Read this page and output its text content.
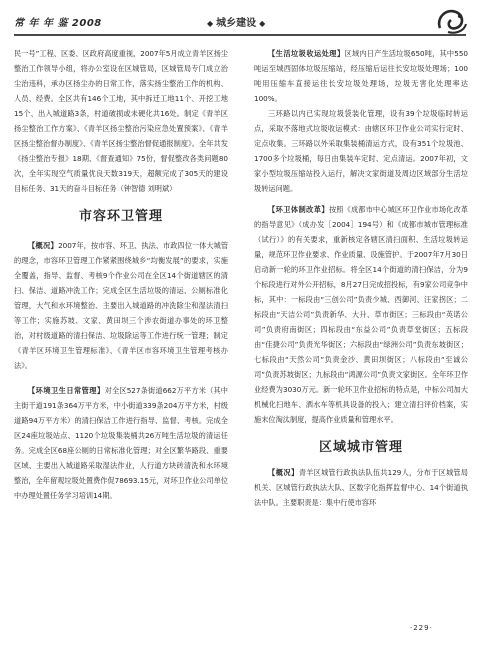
常 年 年 鉴 2008	◆ 城乡建设 ◆

民一号”工程、区委、区政府高度重视，2007年5月成立青羊区扬尘整治工作领导小组，将办公室设在区城管局，区城管局专门成立治尘治违科，承办区扬尘办的日常工作，落实扬尘整治工作的机构、人员、经费。全区共有146个工地，其中拆迁工地11个、开挖工地15个、出入城道路3条，村道破损或未硬化共16处。制定《青羊区扬尘整治工作方案》、《青羊区扬尘整治污染应急处置预案》、《青羊区扬尘整治督办制度》、《青羊区扬尘整治督促通报制度》。全年共发《扬尘整治专报》18期、《督查通知》75份，督促整改各类问题80次，全年实现空气质量优良天数319天，超额完成了305天的建设目标任务、31天的奋斗目标任务（钟智德 刘明斌）

市容环卫管理

【概况】2007年，按市容、环卫、执法、市政四位一体大城管的理念，市容环卫管理工作紧紧围绕城乡“均衡发展”的要求，实施全覆盖，指导、监督、考核9个作业公司在全区14个街道辖区的清扫、保洁、道路冲洗工作；完成全区生活垃圾的清运、公厕标准化管理，大气和水环境整治、主要出入城道路的冲洗除尘和湿法清扫等工作；实施苏坡、文家、黄田坝三个涉农街道办事处的环卫整治，对村级道路的清扫保洁、垃圾除运等工作进行统一管理；制定《青羊区环境卫生管理标准》、《青羊区市容环境卫生管理考核办法》。

【环境卫生日常管理】对全区527条街道662万平方米（其中主街干道191条364万平方米，中小街道339条204万平方米，村级道路94万平方米）的清扫保洁工作进行指导、监督、考核。完成全区24座垃圾站点、1120个垃圾集装桶共26万吨生活垃圾的清运任务。完成全区68座公厕的日常标准化管理；对全区繁华路段、重要区域、主要出入城道路采取湿法作业，人行道方块砖清洗和水环境整治，全年留观垃圾处置费作促78693.15元，对环卫作业公司单位中办理处置任务学习培训14期。

【生活垃圾收运处理】区域内日产生活垃圾650吨，其中550吨运至城西固体垃圾压缩站，经压缩后运往长安垃圾处理场；100吨用压缩车直接运往长安垃圾处理场，垃圾无害化处理率达100%。

三环路以内已实现垃圾袋装化管理，设有39个垃圾临时转运点，采取不落地式垃圾收运模式：由辖区环卫作业公司实行定时、定点收集。三环路以外采取集装桶清运方式，设有351个垃圾池、1700多个垃圾桶，每日由集装车定时、定点清运。2007年初，文家小型垃圾压缩站投入运行，解决文家街道及周边区域部分生活垃圾转运问题。

【环卫体制改革】按照《成都市中心城区环卫作业市场化改革的指导意见》（成办发［2004］194号）和《成都市城市管理标准（试行）》的有关要求，重新核定各辖区清扫面积、生活垃圾转运量，规范环卫作业要求、作业质量、设施管护。于2007年7月30日启动新一轮的环卫作业招标。将全区14个街道的清扫保洁，分为9个标段进行对外公开招标，8月27日完成招投标，有9家公司竞争中标，其中：一标段由“三创公司”负责少城、西御河、汪家拐区；二标段由“天洁公司”负责新华、大升、草市街区；三标段由“英诺公司”负责府南街区；四标段由“东益公司”负责草堂街区；五标段由“佳捷公司”负责光华街区；六标段由“绿洲公司”负责东坡街区；七标段由“天然公司”负责金沙、黄田坝街区；八标段由“至诚公司”负责苏坡街区；九标段由“鸿源公司”负责文家街区。全年环卫作业经费为3030万元。新一轮环卫作业招标的特点是，中标公司加大机械化扫地车、洒水车等机具设备的投入；建立清扫评价档案，实施末位淘汰制度，提高作业质量和管理水平。

区域城市管理

【概况】青羊区城管行政执法队伍共129人，分布于区城管局机关、区城管行政执法大队、区数字化指挥监督中心、14个街道执法中队。主要职责是：集中行使市容环

·229·
